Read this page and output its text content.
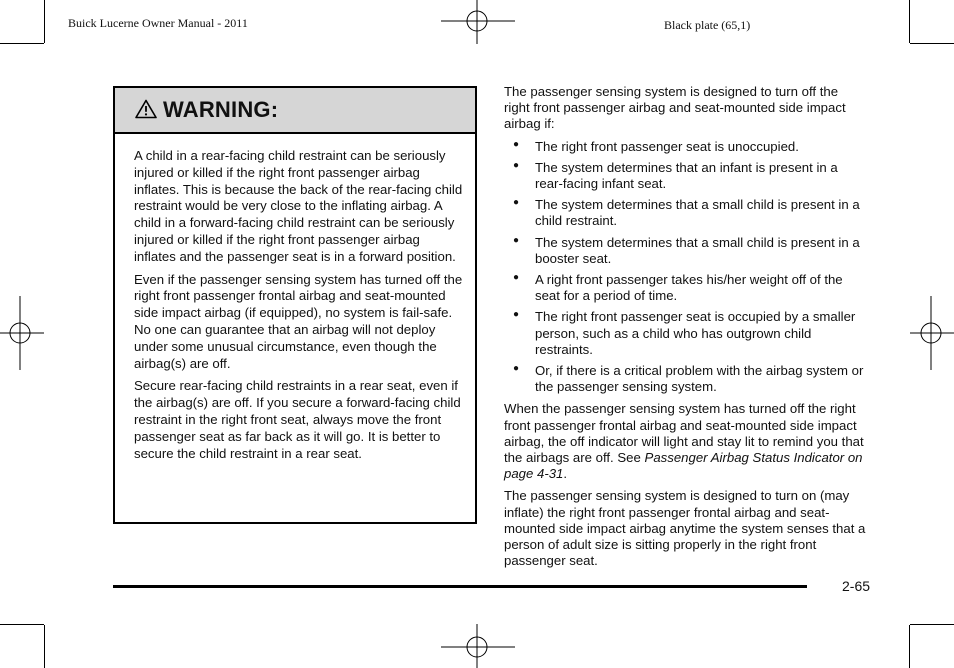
Buick Lucerne Owner Manual - 2011	Black plate (65,1)
WARNING:

A child in a rear-facing child restraint can be seriously injured or killed if the right front passenger airbag inflates. This is because the back of the rear-facing child restraint would be very close to the inflating airbag. A child in a forward-facing child restraint can be seriously injured or killed if the right front passenger airbag inflates and the passenger seat is in a forward position.

Even if the passenger sensing system has turned off the right front passenger frontal airbag and seat-mounted side impact airbag (if equipped), no system is fail-safe. No one can guarantee that an airbag will not deploy under some unusual circumstance, even though the airbag(s) are off.

Secure rear-facing child restraints in a rear seat, even if the airbag(s) are off. If you secure a forward-facing child restraint in the right front seat, always move the front passenger seat as far back as it will go. It is better to secure the child restraint in a rear seat.

The passenger sensing system is designed to turn off the right front passenger airbag and seat-mounted side impact airbag if:

● The right front passenger seat is unoccupied.
● The system determines that an infant is present in a rear-facing infant seat.
● The system determines that a small child is present in a child restraint.
● The system determines that a small child is present in a booster seat.
● A right front passenger takes his/her weight off of the seat for a period of time.
● The right front passenger seat is occupied by a smaller person, such as a child who has outgrown child restraints.
● Or, if there is a critical problem with the airbag system or the passenger sensing system.

When the passenger sensing system has turned off the right front passenger frontal airbag and seat-mounted side impact airbag, the off indicator will light and stay lit to remind you that the airbags are off. See Passenger Airbag Status Indicator on page 4-31.

The passenger sensing system is designed to turn on (may inflate) the right front passenger frontal airbag and seat-mounted side impact airbag anytime the system senses that a person of adult size is sitting properly in the right front passenger seat.

2-65
